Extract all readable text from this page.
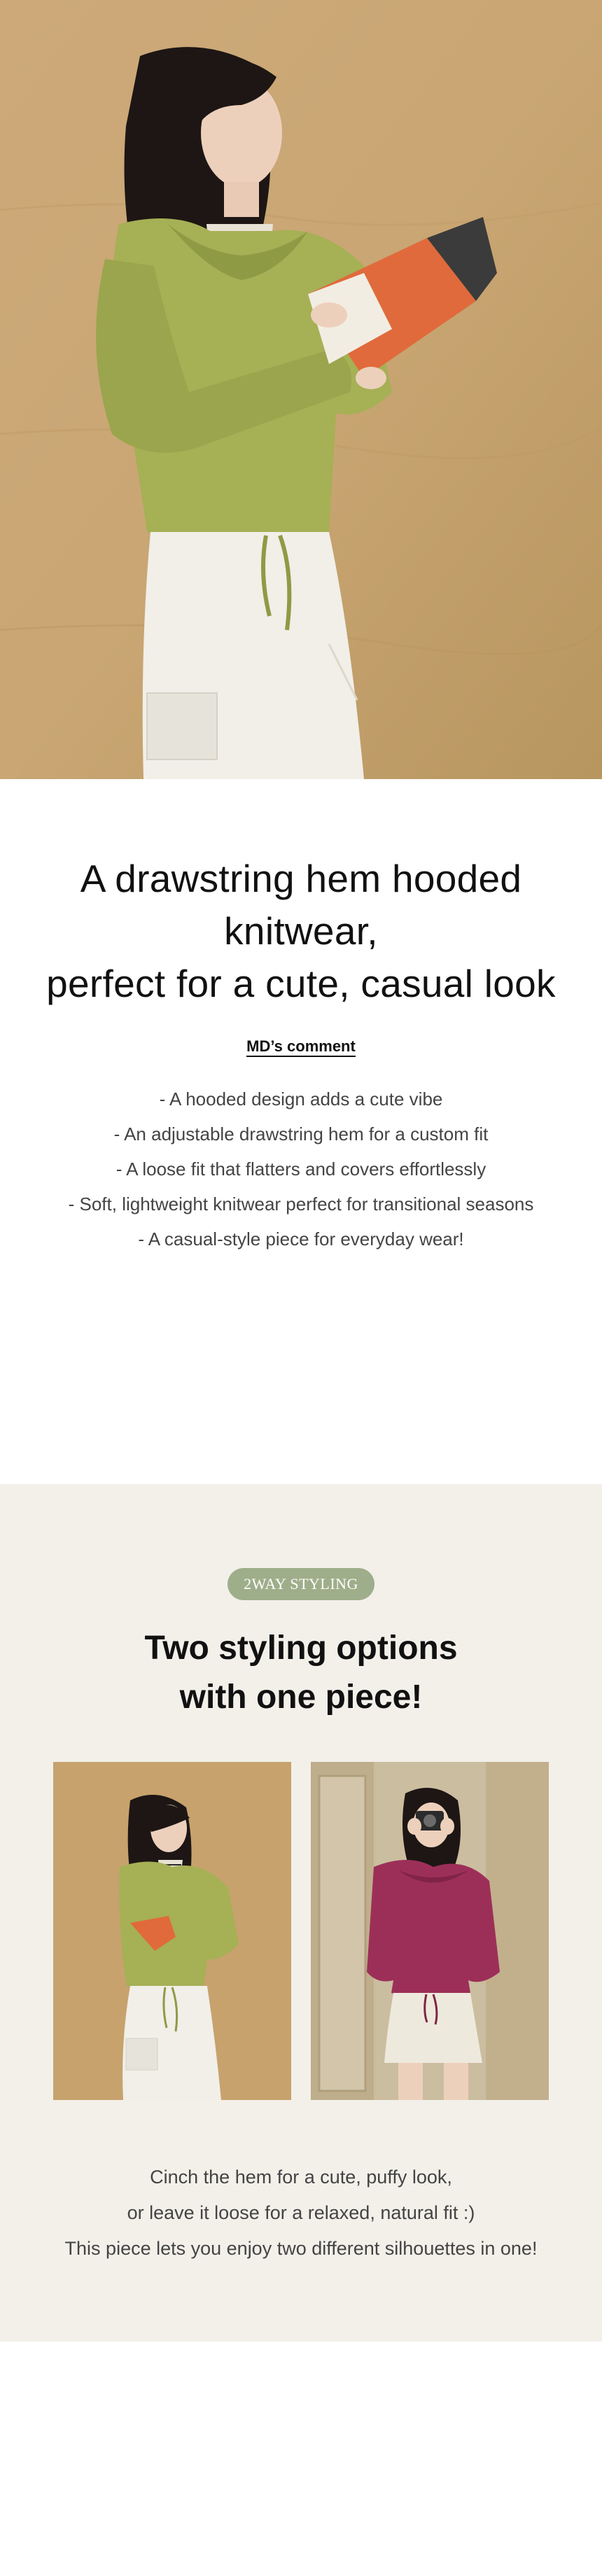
A drawstring hem hooded knitwear,
perfect for a cute, casual look
MD’s comment
- A hooded design adds a cute vibe
- An adjustable drawstring hem for a custom fit
- A loose fit that flatters and covers effortlessly
- Soft, lightweight knitwear perfect for transitional seasons
- A casual-style piece for everyday wear!
2WAY STYLING
Two styling options
with one piece!
Cinch the hem for a cute, puffy look,
or leave it loose for a relaxed, natural fit :)
This piece lets you enjoy two different silhouettes in one!
